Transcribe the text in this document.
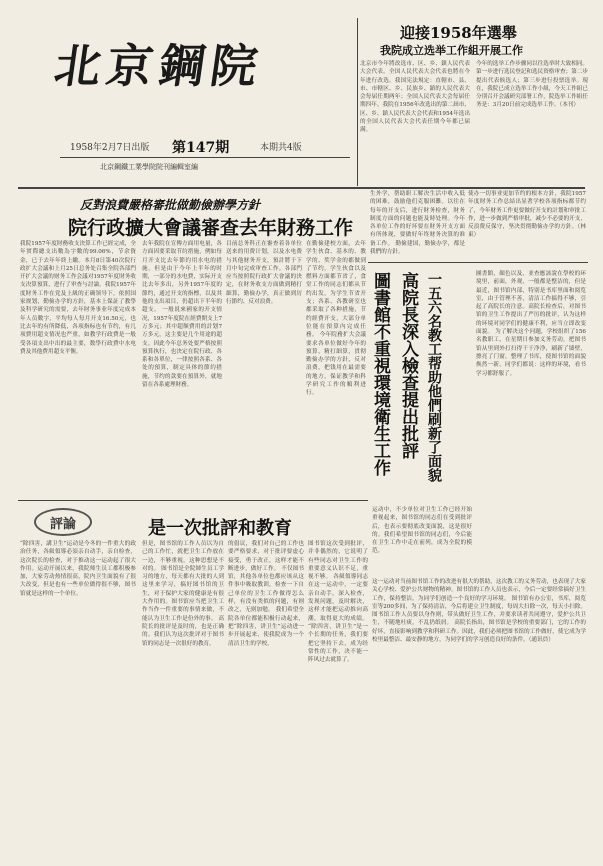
北京鋼院
1958年2月7日出版 第147期	本期共4版
北京鋼鐵工業學院院刊編輯室編
迎接1958年選舉
我院成立选举工作組开展工作
北京市今年將改选市、区、乡、鎮人民代表大会代表。全国人民代表大会代表也將在今年进行改选。我国宪法規定：直轄市、县、市、市轄区、乡、民族乡、鎮的人民代表大会每届任期两年；全国人民代表大会每届任期四年。我院在1956年改选出的第二屆市、区、乡、鎮人民代表大会代表和1954年选出的全国人民代表大会代表任期今年都已届满。
今年的选举工作步骤同以往选举时大致相同。第一步进行选民登記和选民资格审查；第二步提出代表候选人；第三步进行投票选举。現在，我院已成立选举工作小組，今天工作組已分別召开会議研究部署工作，院选举工作組任务是：3月20日前完成选举工作。（本刊）
反對浪費嚴格審批做勤儉辦學方針
院行政擴大會議審查去年財務工作
我院1957年度財務收支決算工作已經完成，全年實際總支出數為字數的99.06%，节余資金，已于去年年終上繳。本月8日第40次院行政扩大会議和上月25日总务处召集全院各部門开扩大会議的财务工作会議对1957年度財务收支决算預算，进行了审查与討論。我院1957年度財务工作在党及上級的正确领导下，依照国家规划，勤儉办学的方針，基本上保証了教學及科学研究的需要，去年財务事业年度完成本年人员數字，平均每人每月开支16.50元，也比去年的有所降低，各项指标也有节约，有几项費用超支情况也严重，如教学行政費是一般受各項支出中出的最主要，数學行政費中水电費及其他費用超支平衡。
去年我院在宣傳方面用电量，各方面因要采取节約措施，例如每月开支比去年節約用水电的措施。但是由于今年上半年的时期，一部分的水电費，实际开支比去年多出，另外1957年度的節约，通过开支的指標，以及其他的支出項目，仍超出下半年的超支。 一般说來國家的开支情况，1957年度院在經費開支上7万多元；其中超額費用的計划7万多元，这主要是几个用途的超支。因此今年总务处要严格按照預算执行，也決定在院行政、各系和各單位，一律按照各系、各处的預算，制定具体的節約措施，节约的款要在預算外，就地留在各系處理財務。
目前总务科正在審查着各单位送来的用费计划，以及水电费与其他财务开支，預計將于下月中旬完成审查工作。各部門应当按照院行政扩大會議的決定，在財务收支方面做到精打細算，勤儉办学，真正做到厉行節约、反对浪费。
在勤儉建校方面，去年学生伙食、基本的、教学的、奖学金的都做到了节约，学生伙食以及燃料方面都节省了，食堂工作的同志们都从节约出发，为学生节省开支；各系、各教研室也都采取了各种措施，节约經費开支，大部分单位能在預算內完成任務。 今年院務扩大会議要求各单位做好今年的預算，精打細算，貫彻勤儉办学的方針，反对浪费，把钱用在最需要的地方，保证教学和科学研究工作的順利进行。
生外学，帮助职工解决生活中收入低的困难，鼓励他们克服困難。以往在每年的开支后，进行財务检查，財务制度方面的问题也能及時处理。今年各单位工作的好坏要在財务开支方面有所体现，要做好年终财务决算的准备工作。 勤儉建国，勤儉办学，都是我們的方針。
使办一切事业更加节约的根本方針，我院1957年度財务工作总結出显著学校各项指标都节约了，今年财务工作更要做好开支的計划和审批工作，进一步做到严格审批，减少不必要的开支，反浪费反保守，坚决贯彻勤儉办学的方針。（林東）
高院長深入檢查提出批評
圖書館不重視環境衛生工作	一五六名教工帮助他們刷新了面貌	圖書館，顏色以及，並查應該說在學校的环境里，前面，外观，一般都是整洁的，但是最近，图书馆内部，特别是书库里面和阅览室，由于管理不善，清洁工作搞得不够，引起了高院长的注意。高院长检查后，对图书馆的卫生工作提出了严厉的批评，认为这样的环境对同学们的健康不利，应当立即改变面貌。 为了解决这个问题，学校组织了156名教职工，在星期日参加义务劳动，把图书馆从里到外打扫得干干净净，刷新了墙壁，擦亮了门窗，整理了书库，使图书馆的面貌焕然一新。同学们都说：这样的环境，看书学习都舒服了。
是一次批評和教育
評論
“除四害，講卫生”运动是今冬的一件重大的政治任务，各級領導必須亲自动手，亲自检查，这次院长的检查，对于推动这一运动起了很大作用。运动开展以来，我院师生员工都积极参加，大家劳动热情很高，院内卫生面貌有了很大改变，但是也有一些单位做得很不够，图书馆就是这样的一个单位。
但是，图书馆的工作人员以为自己的工作忙，就把卫生工作放在一边，不够重视，这种思想是不对的。 图书馆是全院師生员工学习的地方，每天都有大批的人到这里来学习，搞好图书馆的卫生，对于保护大家的健康是有很大作用的。图书馆应当把卫生工作当作一件重要的事情来做，不能认为卫生工作是份外的事。 高院长的批评是及时的，也是正确的。我们认为这次批评对于图书馆的同志是一次很好的教育。
的倡议，我们对自己的工作也要严格要求，对于批评要虚心接受，勇于改正，这样才能不断进步，做好工作。 不仅图书馆，其他各单位也都应该从这件事中吸取教训，检查一下自己单位的卫生工作做得怎么样，有没有类似的问题，有则改之，无则加勉。 我们希望全院各单位都能积极行动起来，把“除四害，讲卫生”运动进一步开展起来，使我院成为一个清洁卫生的学校。
图书馆这次受到批评，并非偶然的，它说明了有些同志对卫生工作的重要意义认识不足，重视不够。 各級領導同志在这一运动中，一定要亲自动手，深入检查，发现问题，及时解决，这样才能把运动推向高潮，取得更大的成绩。 “除四害，讲卫生”是一个长期的任务，我们要把它坚持下去，成为经常性的工作，决不能一阵风过去就算了。
这一运动对当前图书馆工作的改进有很大的帮助，这次教工的义务劳动，也表现了大家关心学校、爱护公共财物的精神。图书馆的工作人员也表示，今后一定要经常搞好卫生工作，保持整洁，为同学们创造一个良好的学习环境。 图书馆有办公室，书库，阅览室等200多间，为了保持清洁，今后将建立卫生制度，每周大扫除一次，每天小扫除。图书馆工作人员要以身作则，带头做好卫生工作，并要求读者共同遵守，爱护公共卫生，不随地吐痰，不乱扔纸屑。 高院长指出，图书馆是学校的重要部门，它的工作的好坏，直接影响到教学和科研工作。因此，我们必须把图书馆的工作做好，使它成为学校里最整洁、最安静的地方，为同学们的学习创造良好的条件。（通讯員）
运动中，不少单位对卫生工作已经开始重视起来，图书馆的同志们在受到批评后，也表示要彻底改变面貌，这是很好的。我们希望图书馆的同志们，今后能在卫生工作中走在前列，成为全院的模范。
